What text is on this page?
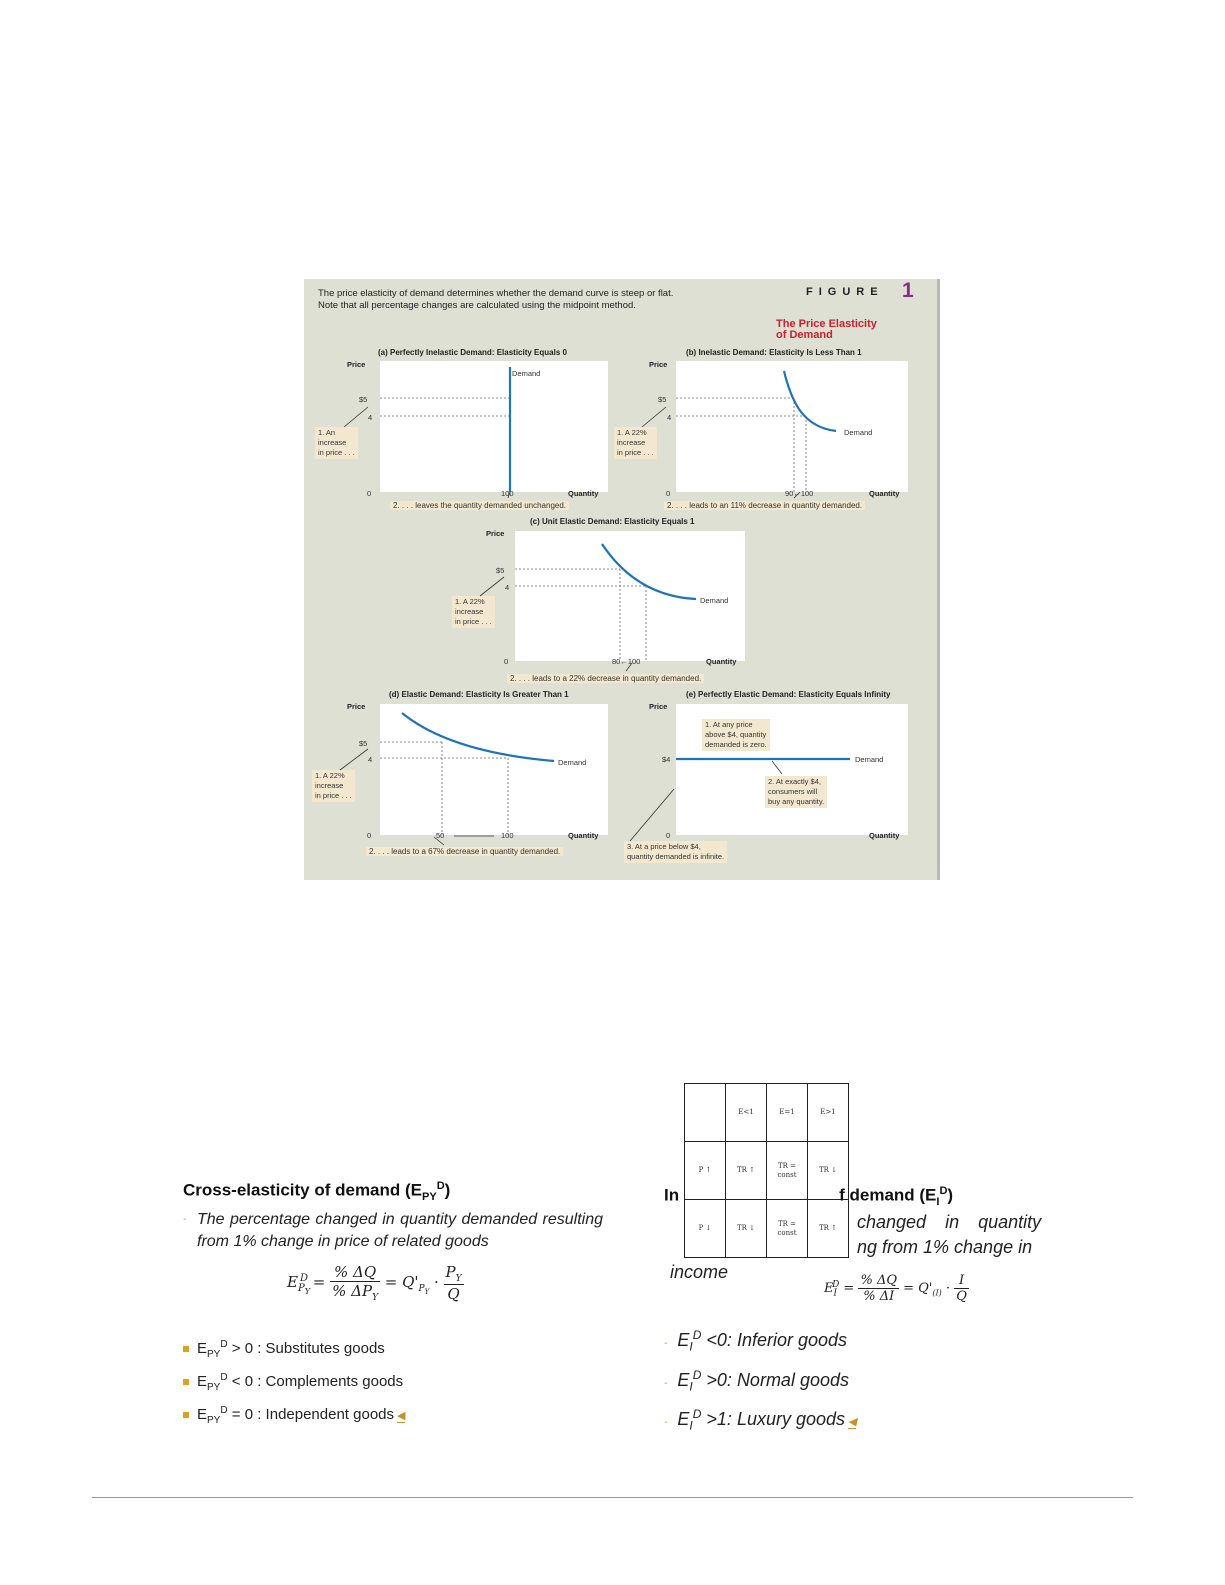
The price elasticity of demand determines whether the demand curve is steep or flat.
Note that all percentage changes are calculated using the midpoint method.
FIGURE 1
The Price Elasticity
of Demand
(a) Perfectly Inelastic Demand: Elasticity Equals 0
Price
$5
4
0	100	Quantity
Demand
1. An
increase
in price . . .
2. . . . leaves the quantity demanded unchanged.
(b) Inelastic Demand: Elasticity Is Less Than 1
Price
$5
4
0	90←100	Quantity
Demand
1. A 22%
increase
in price . . .
2. . . . leads to an 11% decrease in quantity demanded.
(c) Unit Elastic Demand: Elasticity Equals 1
Price
$5
4
0	80←100	Quantity
Demand
1. A 22%
increase
in price . . .
2. . . . leads to a 22% decrease in quantity demanded.
(d) Elastic Demand: Elasticity Is Greater Than 1
Price
$5
4
0	50	100	Quantity
Demand
1. A 22%
increase
in price . . .
2. . . . leads to a 67% decrease in quantity demanded.
(e) Perfectly Elastic Demand: Elasticity Equals Infinity
Price
$4
0	Quantity
Demand
1. At any price
above $4, quantity
demanded is zero.
2. At exactly $4,
consumers will
buy any quantity.
3. At a price below $4,
quantity demanded is infinite.
	E<1	E=1	E>1
P ↑	TR ↑	TR = const	TR ↓
P ↓	TR ↓	TR = const	TR ↑
Cross-elasticity of demand $(E_{PY}^D)$
- The percentage changed in quantity demanded resulting from 1% change in price of related goods
$E_{P_Y}^D = \frac{\% \Delta Q}{\% \Delta P_Y} = Q'_{P_Y} \cdot \frac{P_Y}{Q}$
$E_{PY}^D > 0$ : Substitutes goods
$E_{PY}^D < 0$ : Complements goods
$E_{PY}^D = 0$ : Independent goods ◀
In	f demand $(E_I^D)$
changed in quantity
ng from 1% change in
income
$E_I^D = \frac{\% \Delta Q}{\% \Delta I} = Q'_{(I)} \cdot \frac{I}{Q}$
- $E_I^D <0$: Inferior goods
- $E_I^D >0$: Normal goods
- $E_I^D >1$: Luxury goods ◀
